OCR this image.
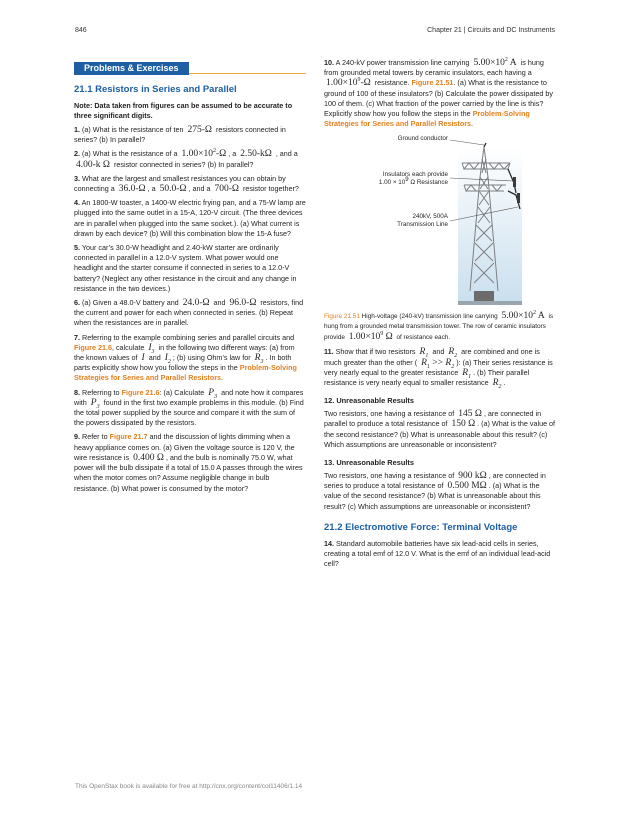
846	Chapter 21 | Circuits and DC Instruments
Problems & Exercises
21.1 Resistors in Series and Parallel
Note: Data taken from figures can be assumed to be accurate to three significant digits.

1. (a) What is the resistance of ten 275-Ω resistors connected in series? (b) In parallel?

2. (a) What is the resistance of a $1.00\times 10^2-\Omega$ , a 2.50-kΩ , and a 4.00-k Ω resistor connected in series? (b) In parallel?

3. What are the largest and smallest resistances you can obtain by connecting a 36.0-Ω , a 50.0-Ω , and a 700-Ω resistor together?

4. An 1800-W toaster, a 1400-W electric frying pan, and a 75-W lamp are plugged into the same outlet in a 15-A, 120-V circuit. (The three devices are in parallel when plugged into the same socket.). (a) What current is drawn by each device? (b) Will this combination blow the 15-A fuse?

5. Your car’s 30.0-W headlight and 2.40-kW starter are ordinarily connected in parallel in a 12.0-V system. What power would one headlight and the starter consume if connected in series to a 12.0-V battery? (Neglect any other resistance in the circuit and any change in resistance in the two devices.)

6. (a) Given a 48.0-V battery and 24.0-Ω and 96.0-Ω resistors, find the current and power for each when connected in series. (b) Repeat when the resistances are in parallel.

7. Referring to the example combining series and parallel circuits and Figure 21.6, calculate $I_3$ in the following two different ways: (a) from the known values of I and $I_2$ ; (b) using Ohm’s law for $R_3$ . In both parts explicitly show how you follow the steps in the Problem-Solving Strategies for Series and Parallel Resistors.

8. Referring to Figure 21.6: (a) Calculate $P_3$ and note how it compares with $P_3$ found in the first two example problems in this module. (b) Find the total power supplied by the source and compare it with the sum of the powers dissipated by the resistors.

9. Refer to Figure 21.7 and the discussion of lights dimming when a heavy appliance comes on. (a) Given the voltage source is 120 V, the wire resistance is 0.400 Ω , and the bulb is nominally 75.0 W, what power will the bulb dissipate if a total of 15.0 A passes through the wires when the motor comes on? Assume negligible change in bulb resistance. (b) What power is consumed by the motor?

10. A 240-kV power transmission line carrying $5.00\times 10^2$ A is hung from grounded metal towers by ceramic insulators, each having a $1.00\times 10^9-\Omega$ resistance. Figure 21.51. (a) What is the resistance to ground of 100 of these insulators? (b) Calculate the power dissipated by 100 of them. (c) What fraction of the power carried by the line is this? Explicitly show how you follow the steps in the Problem-Solving Strategies for Series and Parallel Resistors.

Ground conductor
Insulators each provide
$1.00 \times 10^9$ Ω Resistance
240kV, 500A
Transmission Line

Figure 21.51 High-voltage (240-kV) transmission line carrying $5.00\times 10^2$ A is hung from a grounded metal transmission tower. The row of ceramic insulators provide $1.00\times 10^9$ Ω of resistance each.

11. Show that if two resistors $R_1$ and $R_2$ are combined and one is much greater than the other ( $R_1 >> R_2$ ): (a) Their series resistance is very nearly equal to the greater resistance $R_1$ . (b) Their parallel resistance is very nearly equal to smaller resistance $R_2$ .

12. Unreasonable Results

Two resistors, one having a resistance of 145 Ω , are connected in parallel to produce a total resistance of 150 Ω . (a) What is the value of the second resistance? (b) What is unreasonable about this result? (c) Which assumptions are unreasonable or inconsistent?

13. Unreasonable Results

Two resistors, one having a resistance of 900 kΩ , are connected in series to produce a total resistance of 0.500 MΩ . (a) What is the value of the second resistance? (b) What is unreasonable about this result? (c) Which assumptions are unreasonable or inconsistent?

21.2 Electromotive Force: Terminal Voltage

14. Standard automobile batteries have six lead-acid cells in series, creating a total emf of 12.0 V. What is the emf of an individual lead-acid cell?

This OpenStax book is available for free at http://cnx.org/content/col11406/1.14
